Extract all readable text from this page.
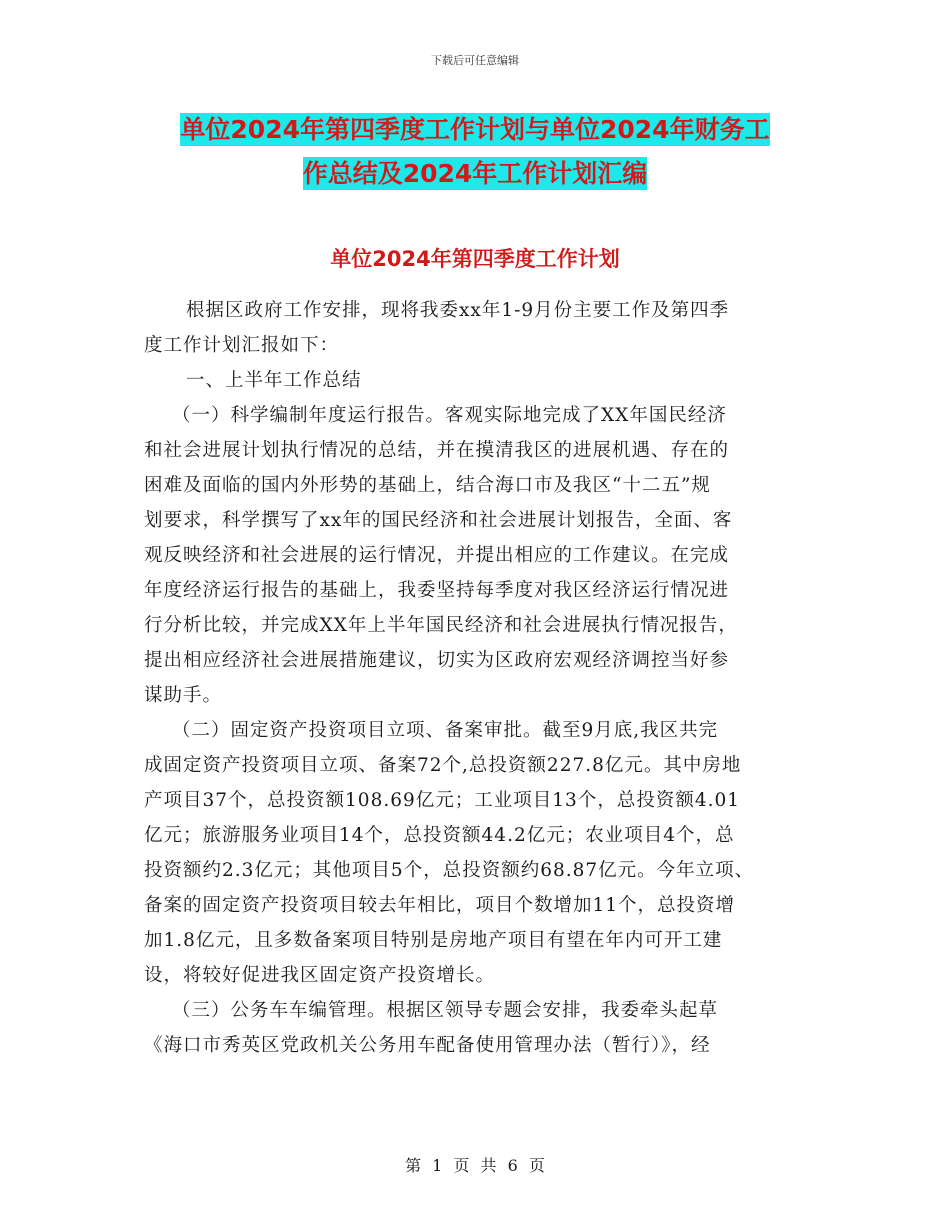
下载后可任意编辑
单位2024年第四季度工作计划与单位2024年财务工
作总结及2024年工作计划汇编
单位2024年第四季度工作计划
根据区政府工作安排，现将我委xx年1-9月份主要工作及第四季
度工作计划汇报如下：
一、上半年工作总结
（一）科学编制年度运行报告。客观实际地完成了XX年国民经济
和社会进展计划执行情况的总结，并在摸清我区的进展机遇、存在的
困难及面临的国内外形势的基础上，结合海口市及我区“十二五”规
划要求，科学撰写了xx年的国民经济和社会进展计划报告，全面、客
观反映经济和社会进展的运行情况，并提出相应的工作建议。在完成
年度经济运行报告的基础上，我委坚持每季度对我区经济运行情况进
行分析比较，并完成XX年上半年国民经济和社会进展执行情况报告，
提出相应经济社会进展措施建议，切实为区政府宏观经济调控当好参
谋助手。
（二）固定资产投资项目立项、备案审批。截至9月底,我区共完
成固定资产投资项目立项、备案72个,总投资额227.8亿元。其中房地
产项目37个，总投资额108.69亿元；工业项目13个，总投资额4.01
亿元；旅游服务业项目14个，总投资额44.2亿元；农业项目4个，总
投资额约2.3亿元；其他项目5个，总投资额约68.87亿元。今年立项、
备案的固定资产投资项目较去年相比，项目个数增加11个，总投资增
加1.8亿元，且多数备案项目特别是房地产项目有望在年内可开工建
设，将较好促进我区固定资产投资增长。
（三）公务车车编管理。根据区领导专题会安排，我委牵头起草
《海口市秀英区党政机关公务用车配备使用管理办法（暂行）》，经
第 1 页 共 6 页
